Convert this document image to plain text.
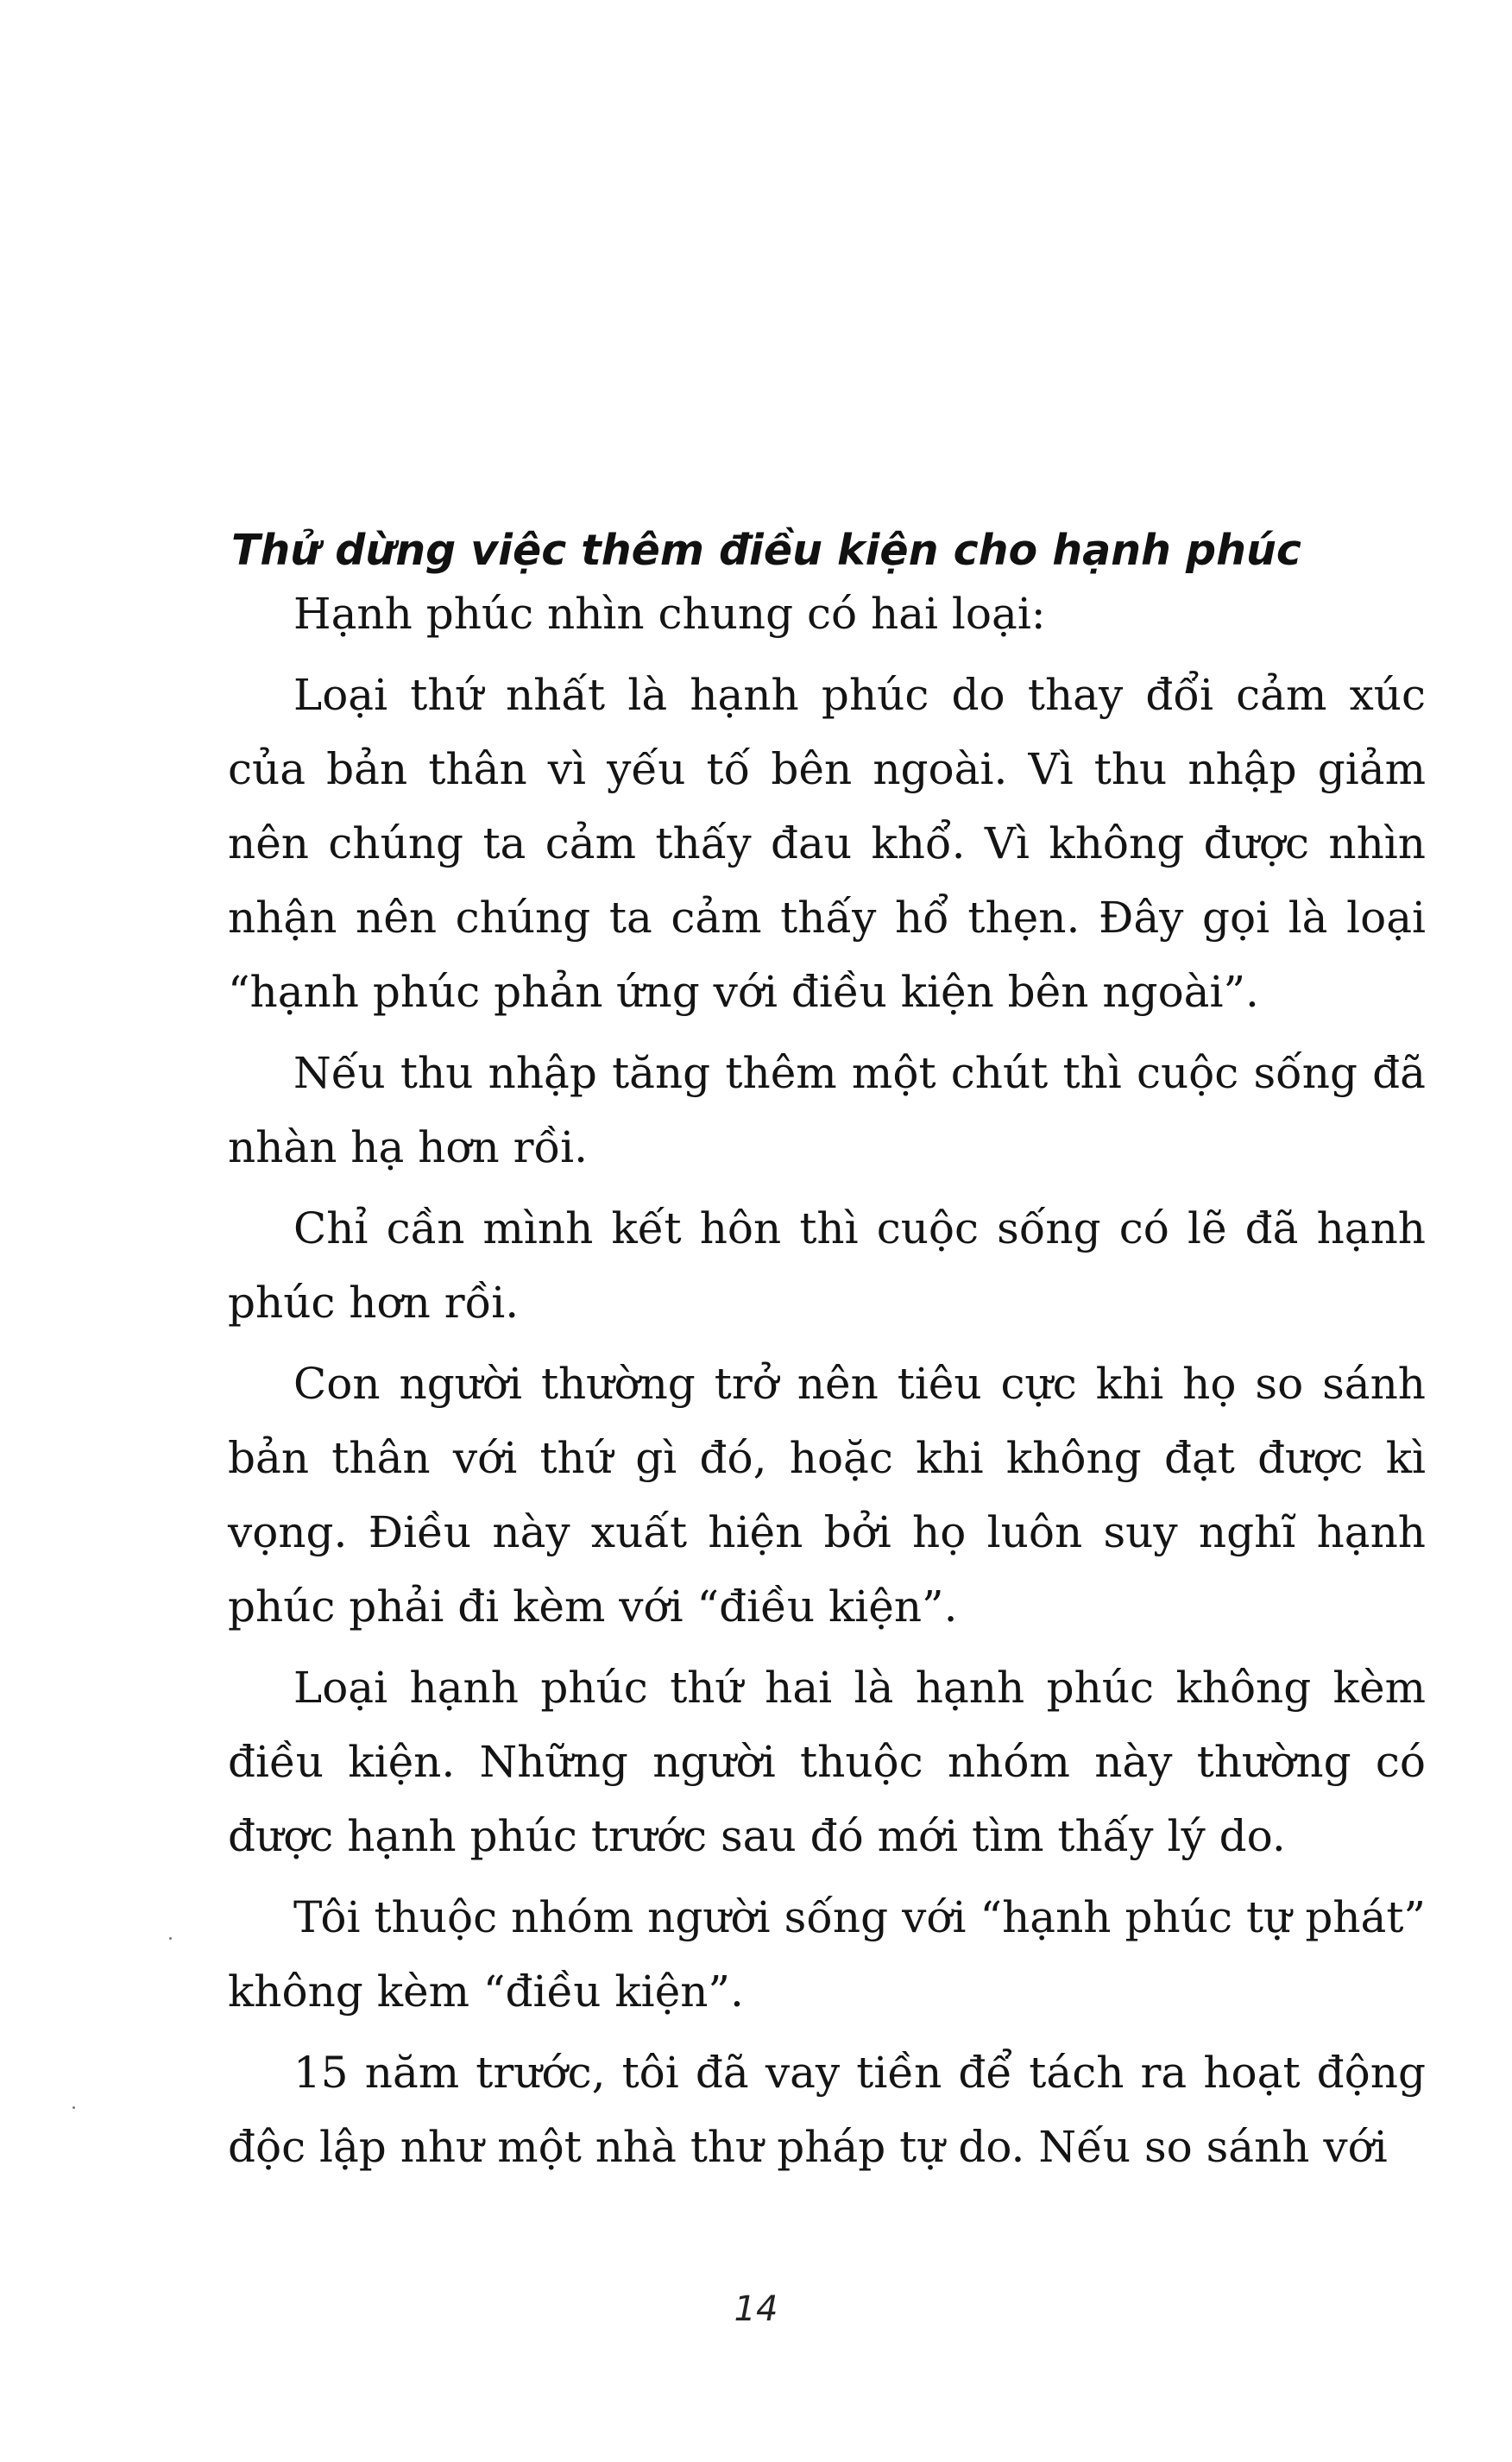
Thử dừng việc thêm điều kiện cho hạnh phúc

Hạnh phúc nhìn chung có hai loại:

Loại thứ nhất là hạnh phúc do thay đổi cảm xúc của bản thân vì yếu tố bên ngoài. Vì thu nhập giảm nên chúng ta cảm thấy đau khổ. Vì không được nhìn nhận nên chúng ta cảm thấy hổ thẹn. Đây gọi là loại “hạnh phúc phản ứng với điều kiện bên ngoài”.

Nếu thu nhập tăng thêm một chút thì cuộc sống đã nhàn hạ hơn rồi.

Chỉ cần mình kết hôn thì cuộc sống có lẽ đã hạnh phúc hơn rồi.

Con người thường trở nên tiêu cực khi họ so sánh bản thân với thứ gì đó, hoặc khi không đạt được kì vọng. Điều này xuất hiện bởi họ luôn suy nghĩ hạnh phúc phải đi kèm với “điều kiện”.

Loại hạnh phúc thứ hai là hạnh phúc không kèm điều kiện. Những người thuộc nhóm này thường có được hạnh phúc trước sau đó mới tìm thấy lý do.

Tôi thuộc nhóm người sống với “hạnh phúc tự phát” không kèm “điều kiện”.

15 năm trước, tôi đã vay tiền để tách ra hoạt động độc lập như một nhà thư pháp tự do. Nếu so sánh với

14
